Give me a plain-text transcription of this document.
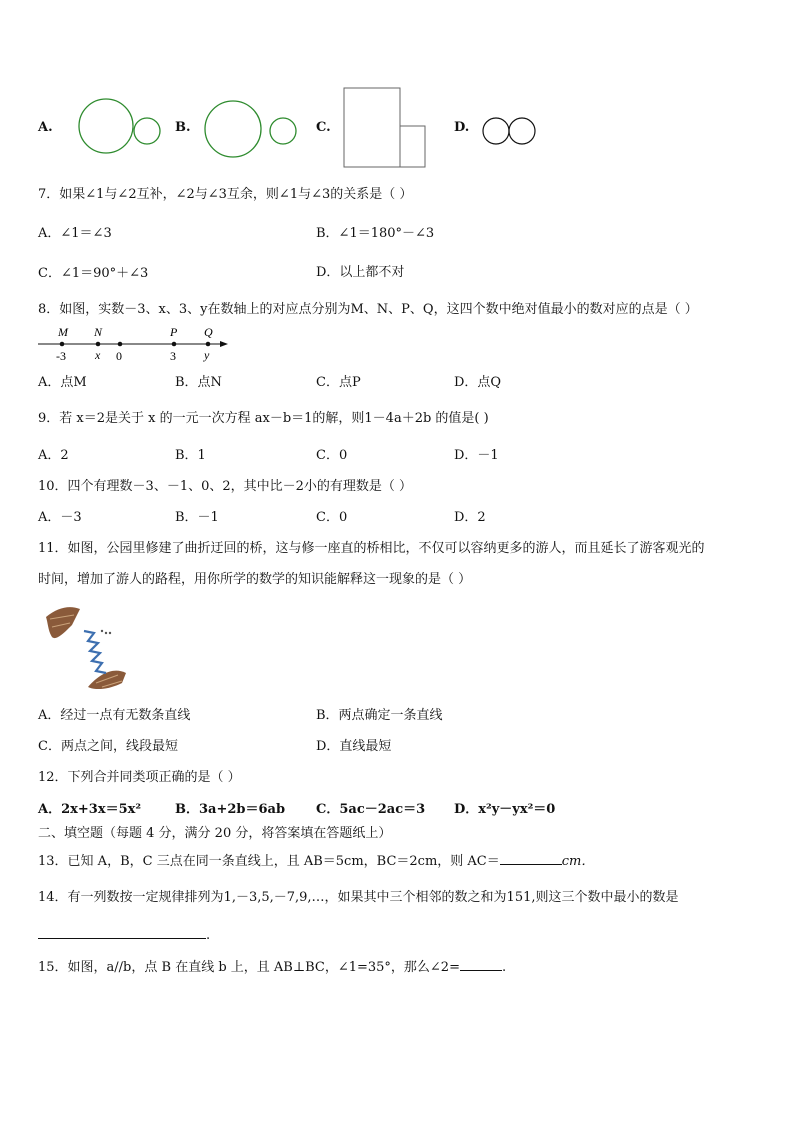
A.	B.	C.	D.
7．如果∠1与∠2互补，∠2与∠3互余，则∠1与∠3的关系是（ ）
A．∠1＝∠3	B．∠1＝180°－∠3
C．∠1＝90°＋∠3	D．以上都不对
8．如图，实数－3、x、3、y在数轴上的对应点分别为M、N、P、Q，这四个数中绝对值最小的数对应的点是（ ）
M N	P Q
-3 x 0	3 y
A．点M	B．点N	C．点P	D．点Q
9．若 x＝2是关于 x 的一元一次方程 ax－b＝1的解，则1－4a＋2b 的值是( )
A．2	B．1	C．0	D．－1
10．四个有理数－3、－1、0、2，其中比－2小的有理数是（ ）
A．－3	B．－1	C．0	D．2
11．如图，公园里修建了曲折迂回的桥，这与修一座直的桥相比，不仅可以容纳更多的游人，而且延长了游客观光的
时间，增加了游人的路程，用你所学的数学的知识能解释这一现象的是（ ）
A．经过一点有无数条直线	B．两点确定一条直线
C．两点之间，线段最短	D．直线最短
12．下列合并同类项正确的是（ ）
A．2x+3x＝5x²	B．3a+2b＝6ab C．5ac－2ac＝3 D．x²y－yx²＝0
二、填空题（每题 4 分，满分 20 分，将答案填在答题纸上）
13．已知 A，B，C 三点在同一条直线上，且 AB＝5cm，BC＝2cm，则 AC＝	cm．
14．有一列数按一定规律排列为1,－3,5,－7,9,…，如果其中三个相邻的数之和为151,则这三个数中最小的数是
.
15．如图，a//b，点 B 在直线 b 上，且 AB⊥BC，∠1=35°，那么∠2=	.
